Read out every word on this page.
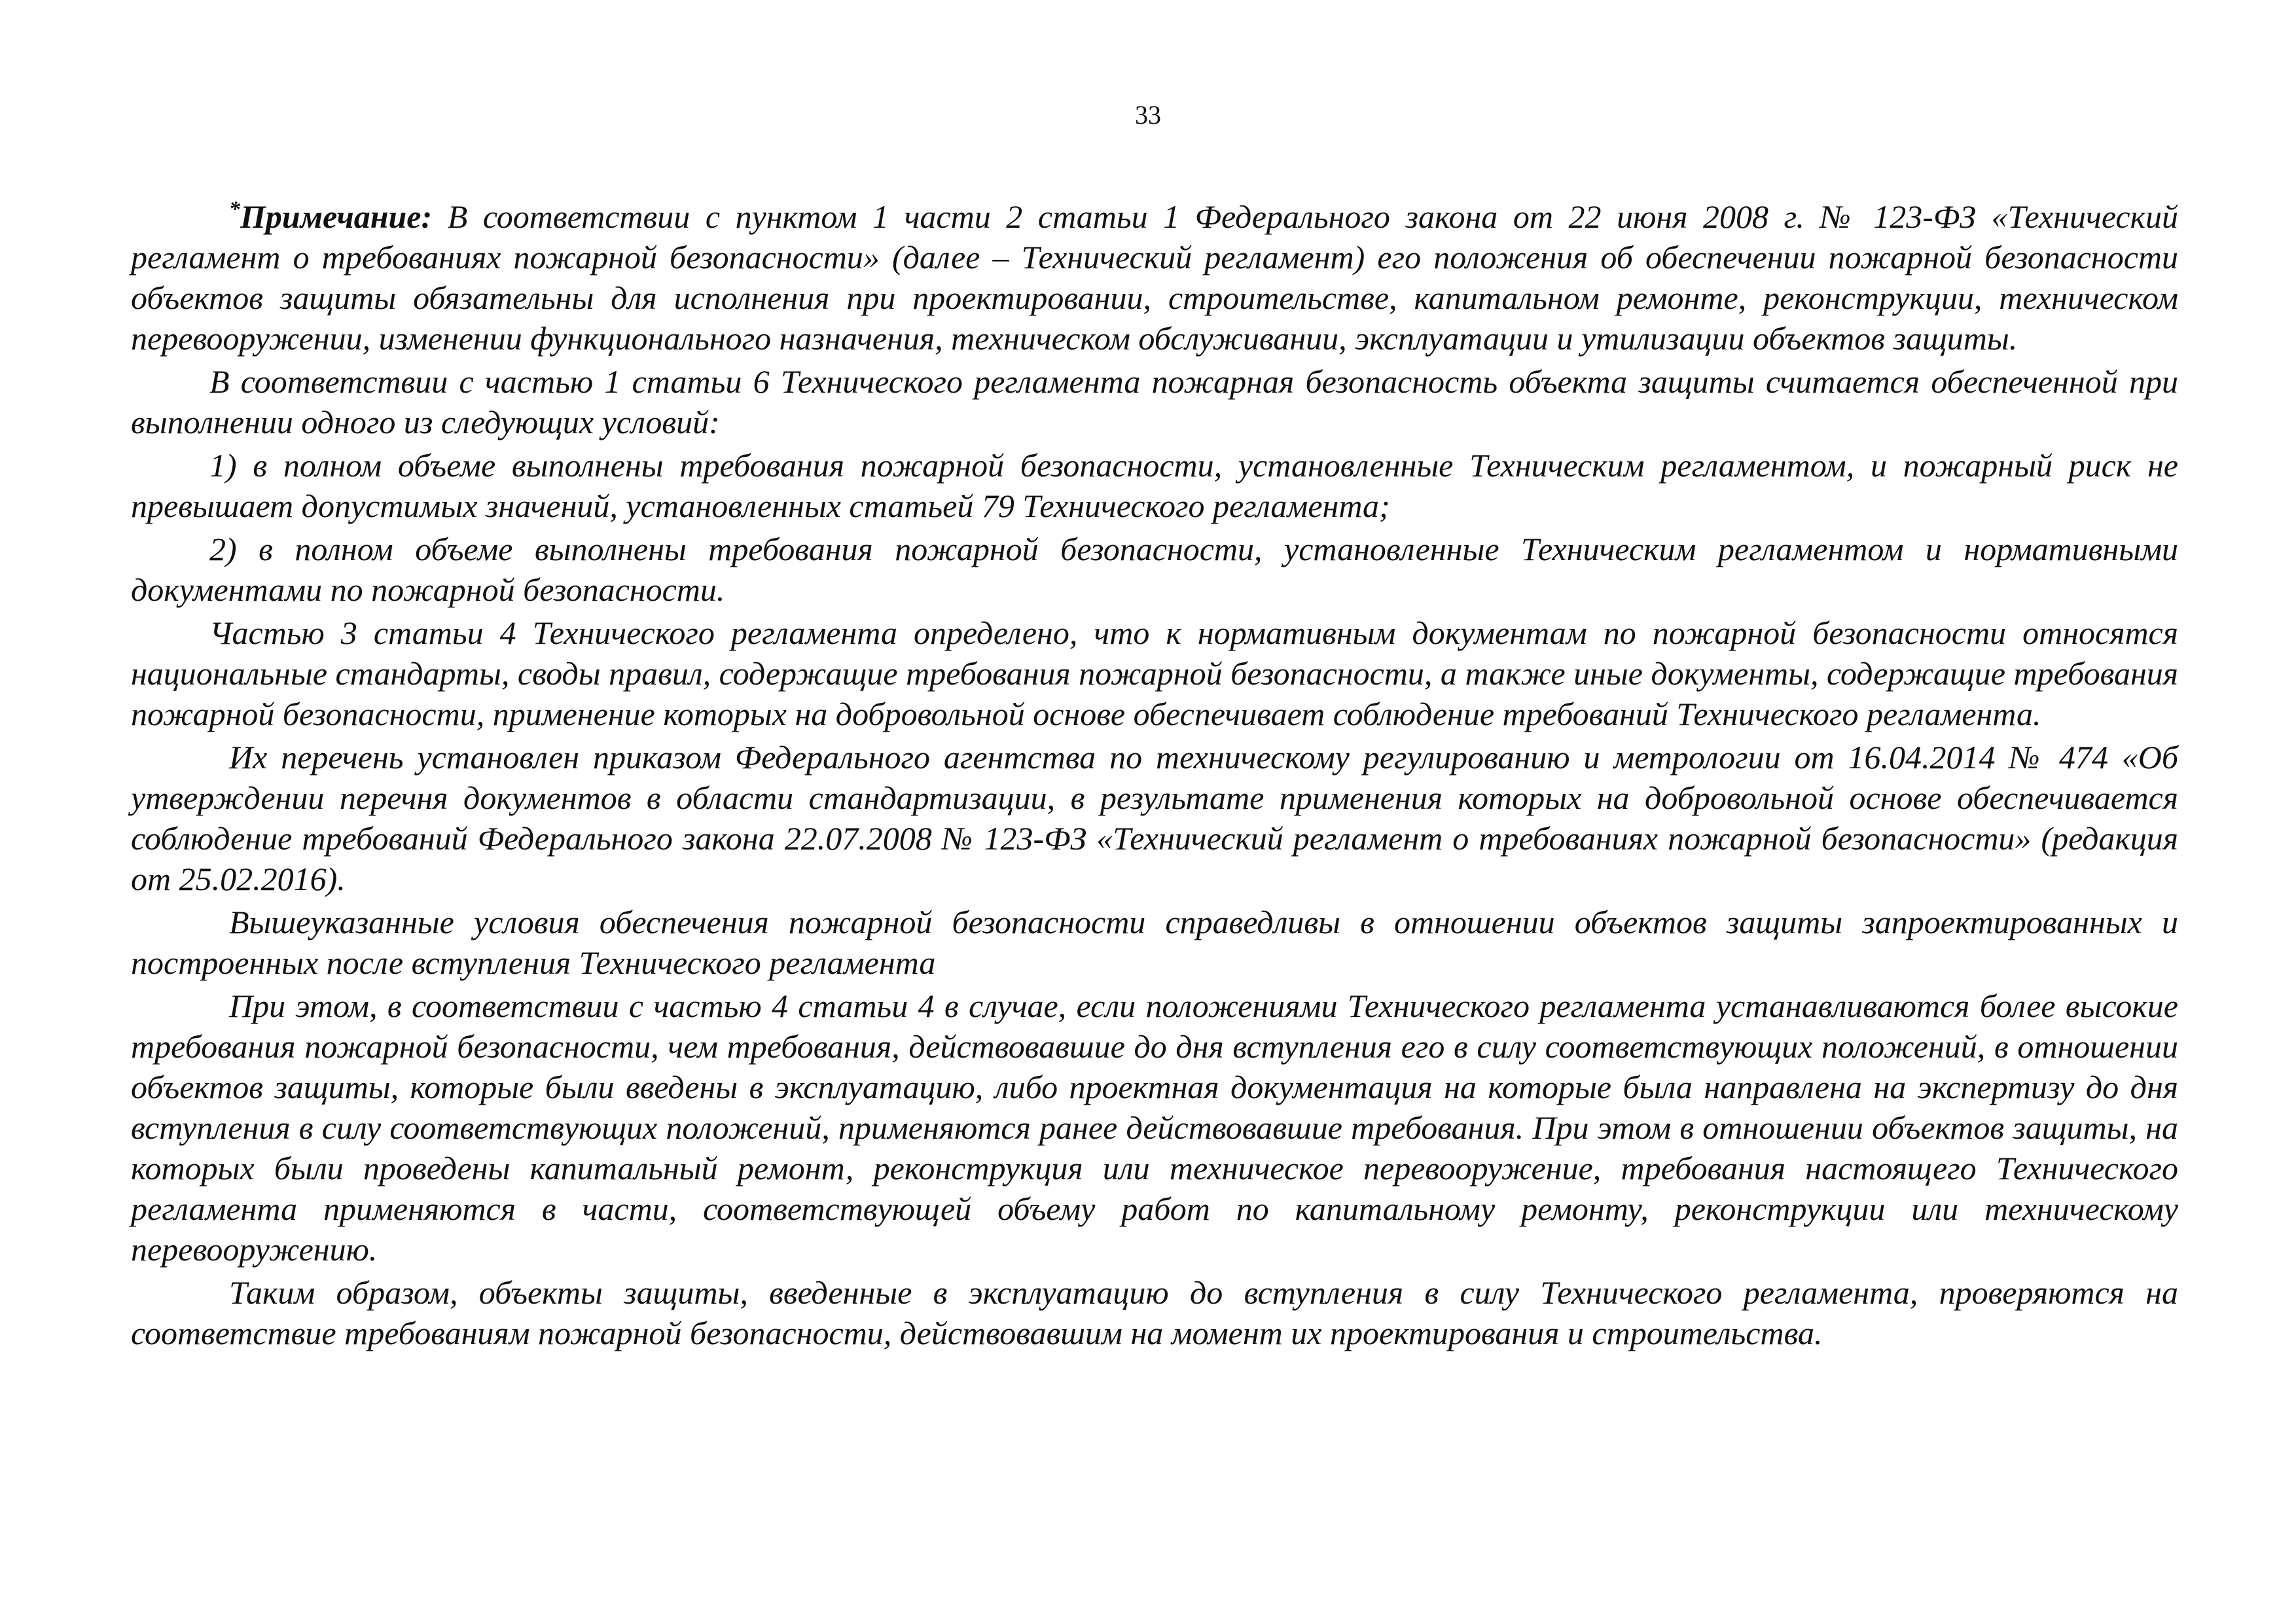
33

*Примечание: В соответствии с пунктом 1 части 2 статьи 1 Федерального закона от 22 июня 2008 г. № 123-ФЗ «Технический регламент о требованиях пожарной безопасности» (далее – Технический регламент) его положения об обеспечении пожарной безопасности объектов защиты обязательны для исполнения при проектировании, строительстве, капитальном ремонте, реконструкции, техническом перевооружении, изменении функционального назначения, техническом обслуживании, эксплуатации и утилизации объектов защиты.

В соответствии с частью 1 статьи 6 Технического регламента пожарная безопасность объекта защиты считается обеспеченной при выполнении одного из следующих условий:

1) в полном объеме выполнены требования пожарной безопасности, установленные Техническим регламентом, и пожарный риск не превышает допустимых значений, установленных статьей 79 Технического регламента;

2) в полном объеме выполнены требования пожарной безопасности, установленные Техническим регламентом и нормативными документами по пожарной безопасности.

Частью 3 статьи 4 Технического регламента определено, что к нормативным документам по пожарной безопасности относятся национальные стандарты, своды правил, содержащие требования пожарной безопасности, а также иные документы, содержащие требования пожарной безопасности, применение которых на добровольной основе обеспечивает соблюдение требований Технического регламента.

Их перечень установлен приказом Федерального агентства по техническому регулированию и метрологии от 16.04.2014 № 474 «Об утверждении перечня документов в области стандартизации, в результате применения которых на добровольной основе обеспечивается соблюдение требований Федерального закона 22.07.2008 № 123-ФЗ «Технический регламент о требованиях пожарной безопасности» (редакция от 25.02.2016).

Вышеуказанные условия обеспечения пожарной безопасности справедливы в отношении объектов защиты запроектированных и построенных после вступления Технического регламента

При этом, в соответствии с частью 4 статьи 4 в случае, если положениями Технического регламента устанавливаются более высокие требования пожарной безопасности, чем требования, действовавшие до дня вступления его в силу соответствующих положений, в отношении объектов защиты, которые были введены в эксплуатацию, либо проектная документация на которые была направлена на экспертизу до дня вступления в силу соответствующих положений, применяются ранее действовавшие требования. При этом в отношении объектов защиты, на которых были проведены капитальный ремонт, реконструкция или техническое перевооружение, требования настоящего Технического регламента применяются в части, соответствующей объему работ по капитальному ремонту, реконструкции или техническому перевооружению.

Таким образом, объекты защиты, введенные в эксплуатацию до вступления в силу Технического регламента, проверяются на соответствие требованиям пожарной безопасности, действовавшим на момент их проектирования и строительства.
